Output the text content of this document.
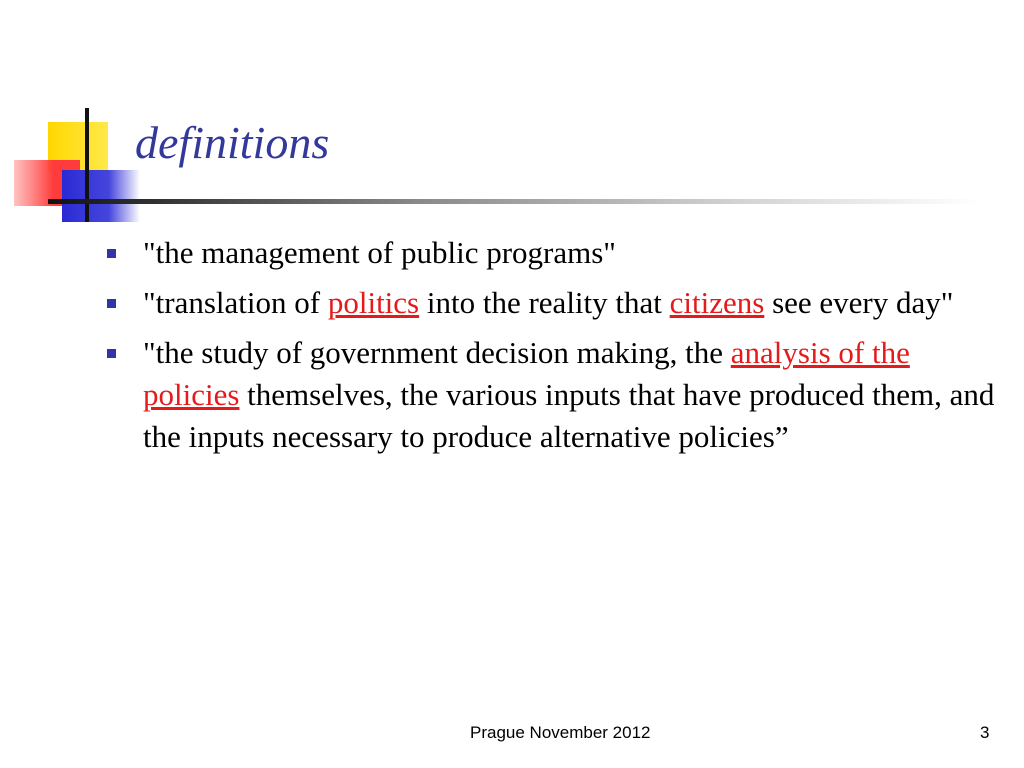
definitions
"the management of public programs"
"translation of politics into the reality that citizens see every day"
"the study of government decision making, the analysis of the policies themselves, the various inputs that have produced them, and the inputs necessary to produce alternative policies”
Prague November 2012	3
